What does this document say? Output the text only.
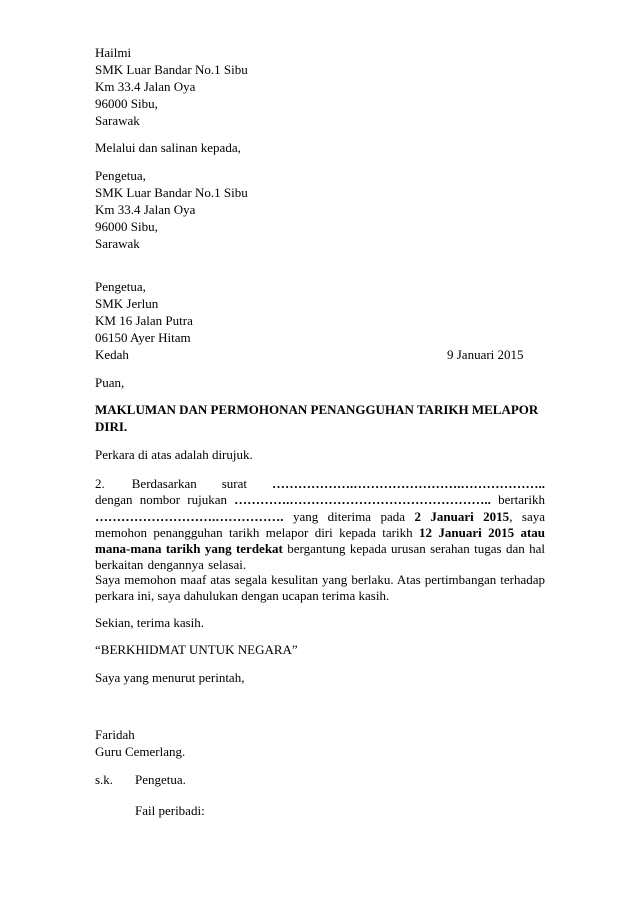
Hailmi
SMK Luar Bandar No.1 Sibu
Km 33.4 Jalan Oya
96000 Sibu,
Sarawak
Melalui dan salinan kepada,
Pengetua,
SMK Luar Bandar No.1 Sibu
Km 33.4 Jalan Oya
96000 Sibu,
Sarawak
Pengetua,
SMK Jerlun
KM 16 Jalan Putra
06150 Ayer Hitam
Kedah	9 Januari 2015
Puan,
MAKLUMAN DAN PERMOHONAN PENANGGUHAN TARIKH MELAPOR
DIRI.
Perkara di atas adalah dirujuk.

2. Berdasarkan surat ……………….…………………….……………….. dengan nombor rujukan ………….……………………………………….. bertarikh ……………………….……………. yang diterima pada 2 Januari 2015, saya memohon penangguhan tarikh melapor diri kepada tarikh 12 Januari 2015 atau mana-mana tarikh yang terdekat bergantung kepada urusan serahan tugas dan hal berkaitan dengannya selasai.

Saya memohon maaf atas segala kesulitan yang berlaku. Atas pertimbangan terhadap perkara ini, saya dahulukan dengan ucapan terima kasih.
Sekian, terima kasih.
“BERKHIDMAT UNTUK NEGARA”
Saya yang menurut perintah,
Faridah
Guru Cemerlang.
s.k. Pengetua.
Fail peribadi:
